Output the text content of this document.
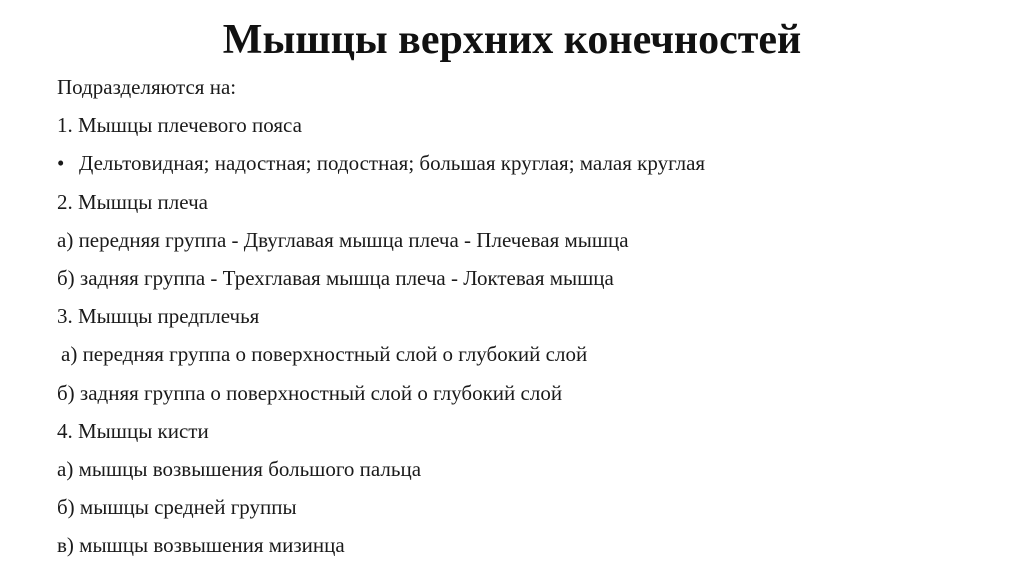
Мышцы верхних конечностей
Подразделяются на:
1. Мышцы плечевого пояса
• Дельтовидная; надостная; подостная; большая круглая; малая круглая
2. Мышцы плеча
а) передняя группа - Двуглавая мышца плеча - Плечевая мышца
б) задняя группа - Трехглавая мышца плеча - Локтевая мышца
3. Мышцы предплечья
а) передняя группа о поверхностный слой о глубокий слой
б) задняя группа о поверхностный слой о глубокий слой
4. Мышцы кисти
а) мышцы возвышения большого пальца
б) мышцы средней группы
в) мышцы возвышения мизинца
